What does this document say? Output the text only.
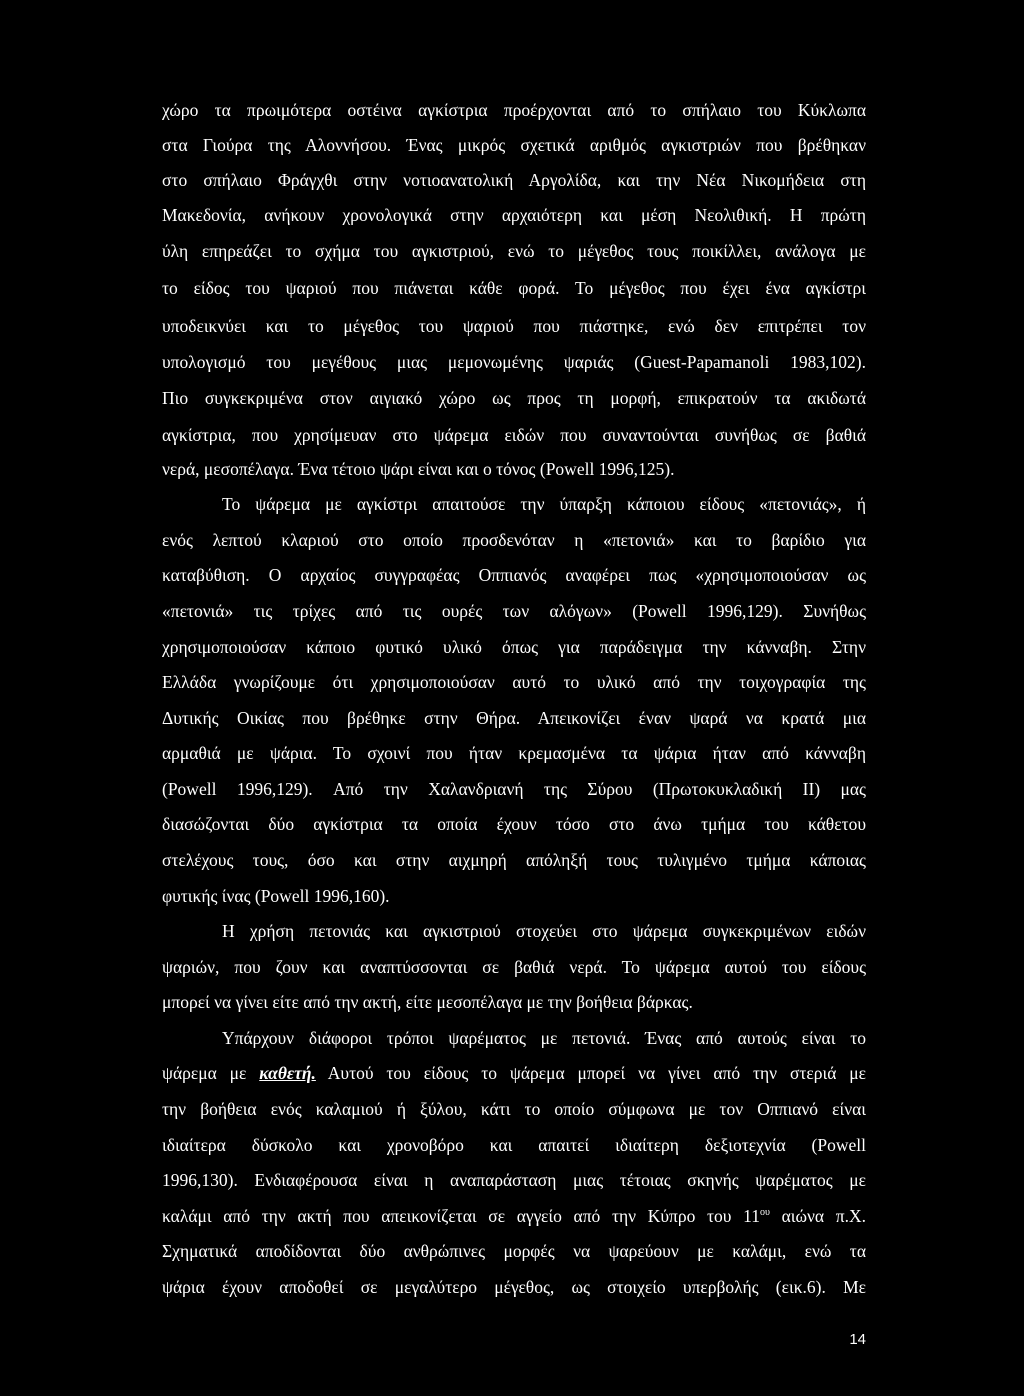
χώρο τα πρωιμότερα οστέινα αγκίστρια προέρχονται από το σπήλαιο του Κύκλωπα
στα Γιούρα της Αλοννήσου. Ένας μικρός σχετικά αριθμός αγκιστριών που βρέθηκαν
στο σπήλαιο Φράγχθι στην νοτιοανατολική Αργολίδα, και την Νέα Νικομήδεια στη
Μακεδονία, ανήκουν χρονολογικά στην αρχαιότερη και μέση Νεολιθική. Η πρώτη
ύλη επηρεάζει το σχήμα του αγκιστριού, ενώ το μέγεθος τους ποικίλλει, ανάλογα με
το είδος του ψαριού που πιάνεται κάθε φορά. Το μέγεθος που έχει ένα αγκίστρι
υποδεικνύει και το μέγεθος του ψαριού που πιάστηκε, ενώ δεν επιτρέπει τον
υπολογισμό του μεγέθους μιας μεμονωμένης ψαριάς (Guest-Papamanoli 1983,102).
Πιο συγκεκριμένα στον αιγιακό χώρο ως προς τη μορφή, επικρατούν τα ακιδωτά
αγκίστρια, που χρησίμευαν στο ψάρεμα ειδών που συναντούνται συνήθως σε βαθιά
νερά, μεσοπέλαγα. Ένα τέτοιο ψάρι είναι και ο τόνος (Powell 1996,125).
Το ψάρεμα με αγκίστρι απαιτούσε την ύπαρξη κάποιου είδους «πετονιάς», ή
ενός λεπτού κλαριού στο οποίο προσδενόταν η «πετονιά» και το βαρίδιο για
καταβύθιση. Ο αρχαίος συγγραφέας Οππιανός αναφέρει πως «χρησιμοποιούσαν ως
«πετονιά» τις τρίχες από τις ουρές των αλόγων» (Powell 1996,129). Συνήθως
χρησιμοποιούσαν κάποιο φυτικό υλικό όπως για παράδειγμα την κάνναβη. Στην
Ελλάδα γνωρίζουμε ότι χρησιμοποιούσαν αυτό το υλικό από την τοιχογραφία της
Δυτικής Οικίας που βρέθηκε στην Θήρα. Απεικονίζει έναν ψαρά να κρατά μια
αρμαθιά με ψάρια. Το σχοινί που ήταν κρεμασμένα τα ψάρια ήταν από κάνναβη
(Powell 1996,129). Από την Χαλανδριανή της Σύρου (Πρωτοκυκλαδική ΙΙ) μας
διασώζονται δύο αγκίστρια τα οποία έχουν τόσο στο άνω τμήμα του κάθετου
στελέχους τους, όσο και στην αιχμηρή απόληξή τους τυλιγμένο τμήμα κάποιας
φυτικής ίνας (Powell 1996,160).
Η χρήση πετονιάς και αγκιστριού στοχεύει στο ψάρεμα συγκεκριμένων ειδών
ψαριών, που ζουν και αναπτύσσονται σε βαθιά νερά. Το ψάρεμα αυτού του είδους
μπορεί να γίνει είτε από την ακτή, είτε μεσοπέλαγα με την βοήθεια βάρκας.
Υπάρχουν διάφοροι τρόποι ψαρέματος με πετονιά. Ένας από αυτούς είναι το
ψάρεμα με καθετή. Αυτού του είδους το ψάρεμα μπορεί να γίνει από την στεριά με
την βοήθεια ενός καλαμιού ή ξύλου, κάτι το οποίο σύμφωνα με τον Οππιανό είναι
ιδιαίτερα δύσκολο και χρονοβόρο και απαιτεί ιδιαίτερη δεξιοτεχνία (Powell
1996,130). Ενδιαφέρουσα είναι η αναπαράσταση μιας τέτοιας σκηνής ψαρέματος με
καλάμι από την ακτή που απεικονίζεται σε αγγείο από την Κύπρο του $11^{o\upsilon}$ αιώνα π.Χ.
Σχηματικά αποδίδονται δύο ανθρώπινες μορφές να ψαρεύουν με καλάμι, ενώ τα
ψάρια έχουν αποδοθεί σε μεγαλύτερο μέγεθος, ως στοιχείο υπερβολής (εικ.6). Με
14
